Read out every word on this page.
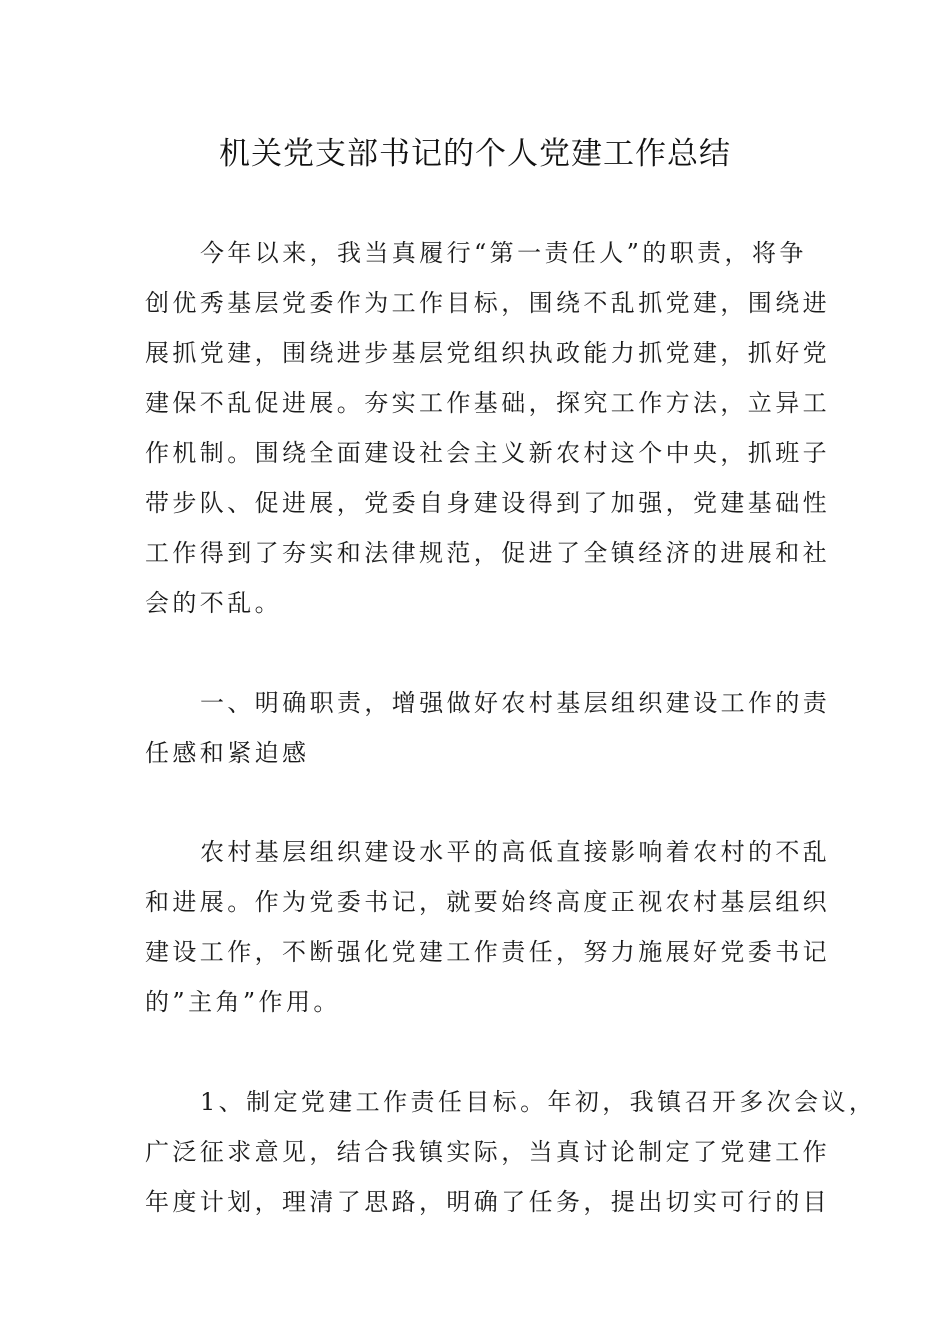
机关党支部书记的个人党建工作总结
今年以来，我当真履行“第一责任人”的职责，将争
创优秀基层党委作为工作目标，围绕不乱抓党建，围绕进
展抓党建，围绕进步基层党组织执政能力抓党建，抓好党
建保不乱促进展。夯实工作基础，探究工作方法，立异工
作机制。围绕全面建设社会主义新农村这个中央，抓班子
带步队、促进展，党委自身建设得到了加强，党建基础性
工作得到了夯实和法律规范，促进了全镇经济的进展和社
会的不乱。
一、明确职责，增强做好农村基层组织建设工作的责
任感和紧迫感
农村基层组织建设水平的高低直接影响着农村的不乱
和进展。作为党委书记，就要始终高度正视农村基层组织
建设工作，不断强化党建工作责任，努力施展好党委书记
的”主角”作用。
1、制定党建工作责任目标。年初，我镇召开多次会议，
广泛征求意见，结合我镇实际，当真讨论制定了党建工作
年度计划，理清了思路，明确了任务，提出切实可行的目
